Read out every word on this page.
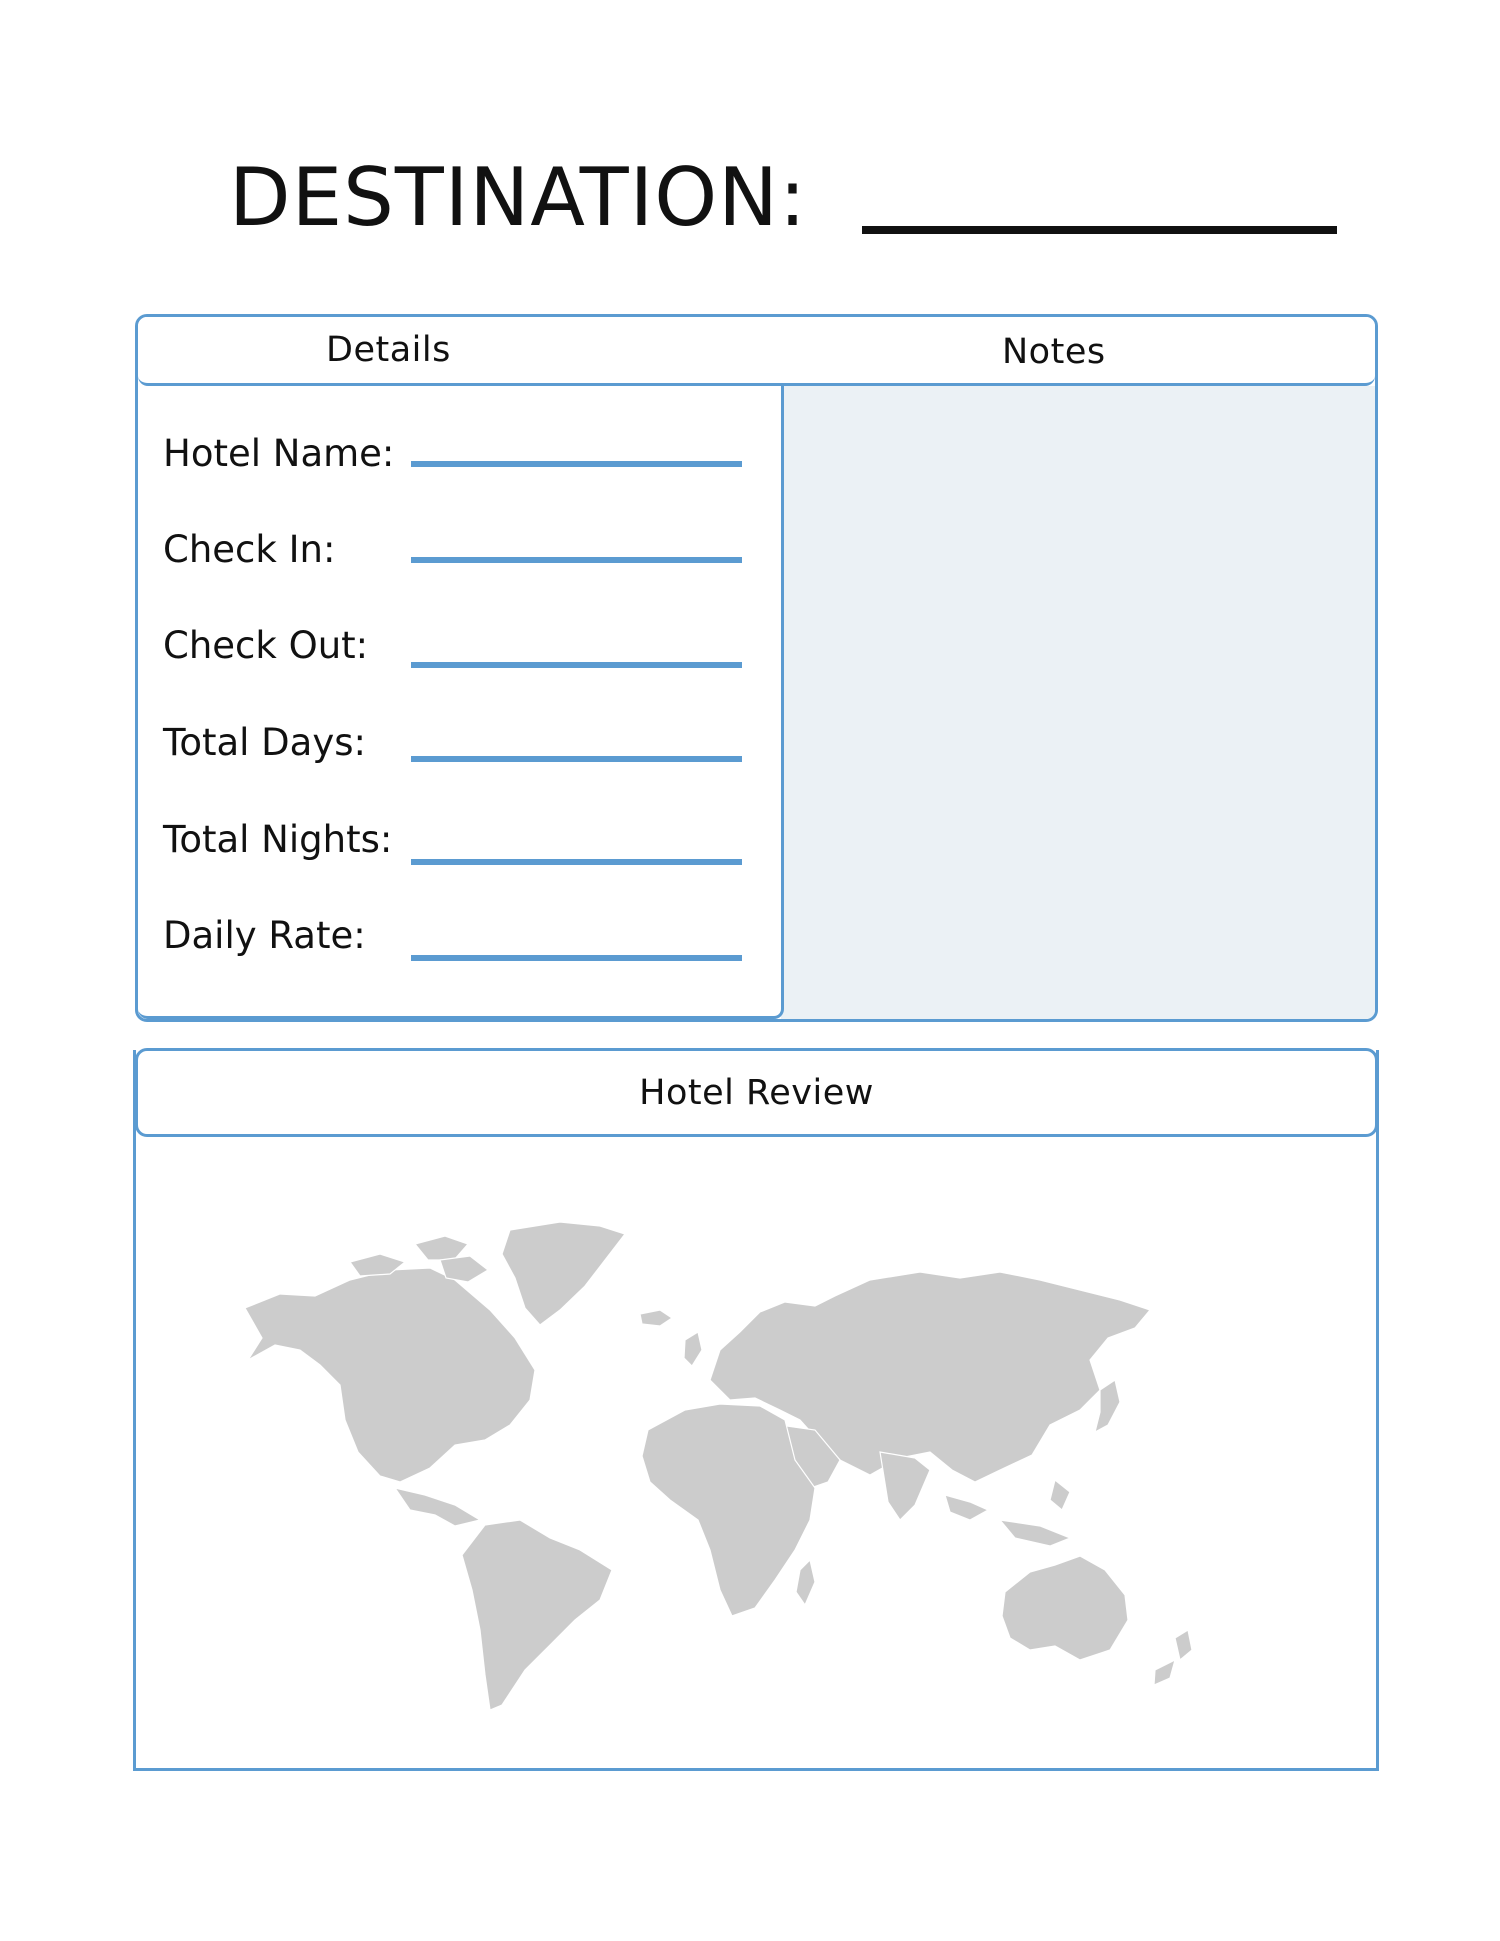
DESTINATION:
Details	Notes
Hotel Name:
Check In:
Check Out:
Total Days:
Total Nights:
Daily Rate:
Hotel Review
